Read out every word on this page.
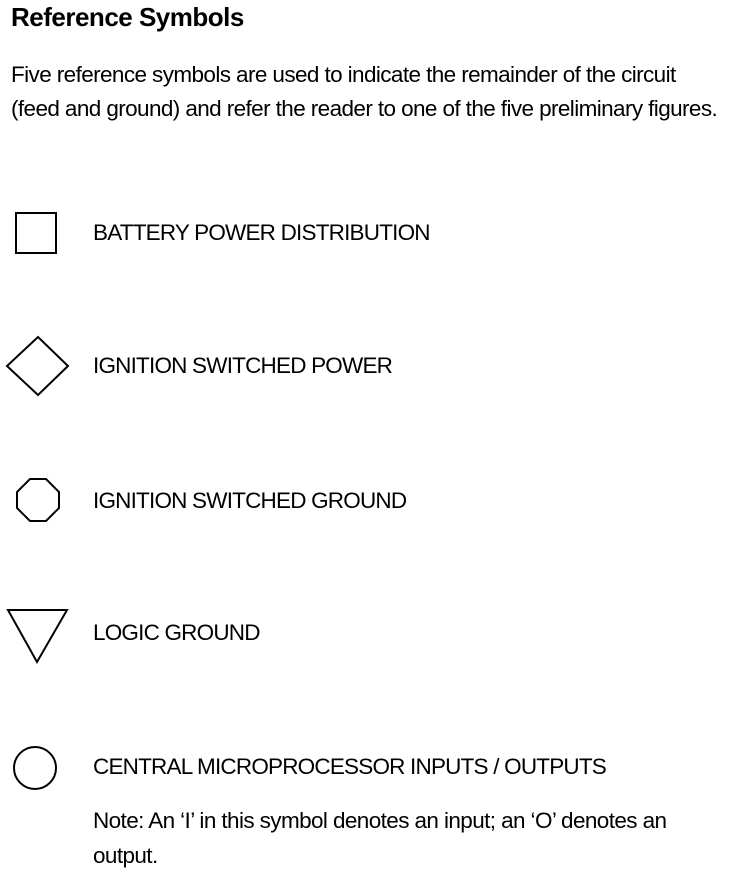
Reference Symbols

Five reference symbols are used to indicate the remainder of the circuit (feed and ground) and refer the reader to one of the five preliminary figures.

BATTERY POWER DISTRIBUTION
IGNITION SWITCHED POWER
IGNITION SWITCHED GROUND
LOGIC GROUND
CENTRAL MICROPROCESSOR INPUTS / OUTPUTS

Note: An ‘I’ in this symbol denotes an input; an ‘O’ denotes an output.
